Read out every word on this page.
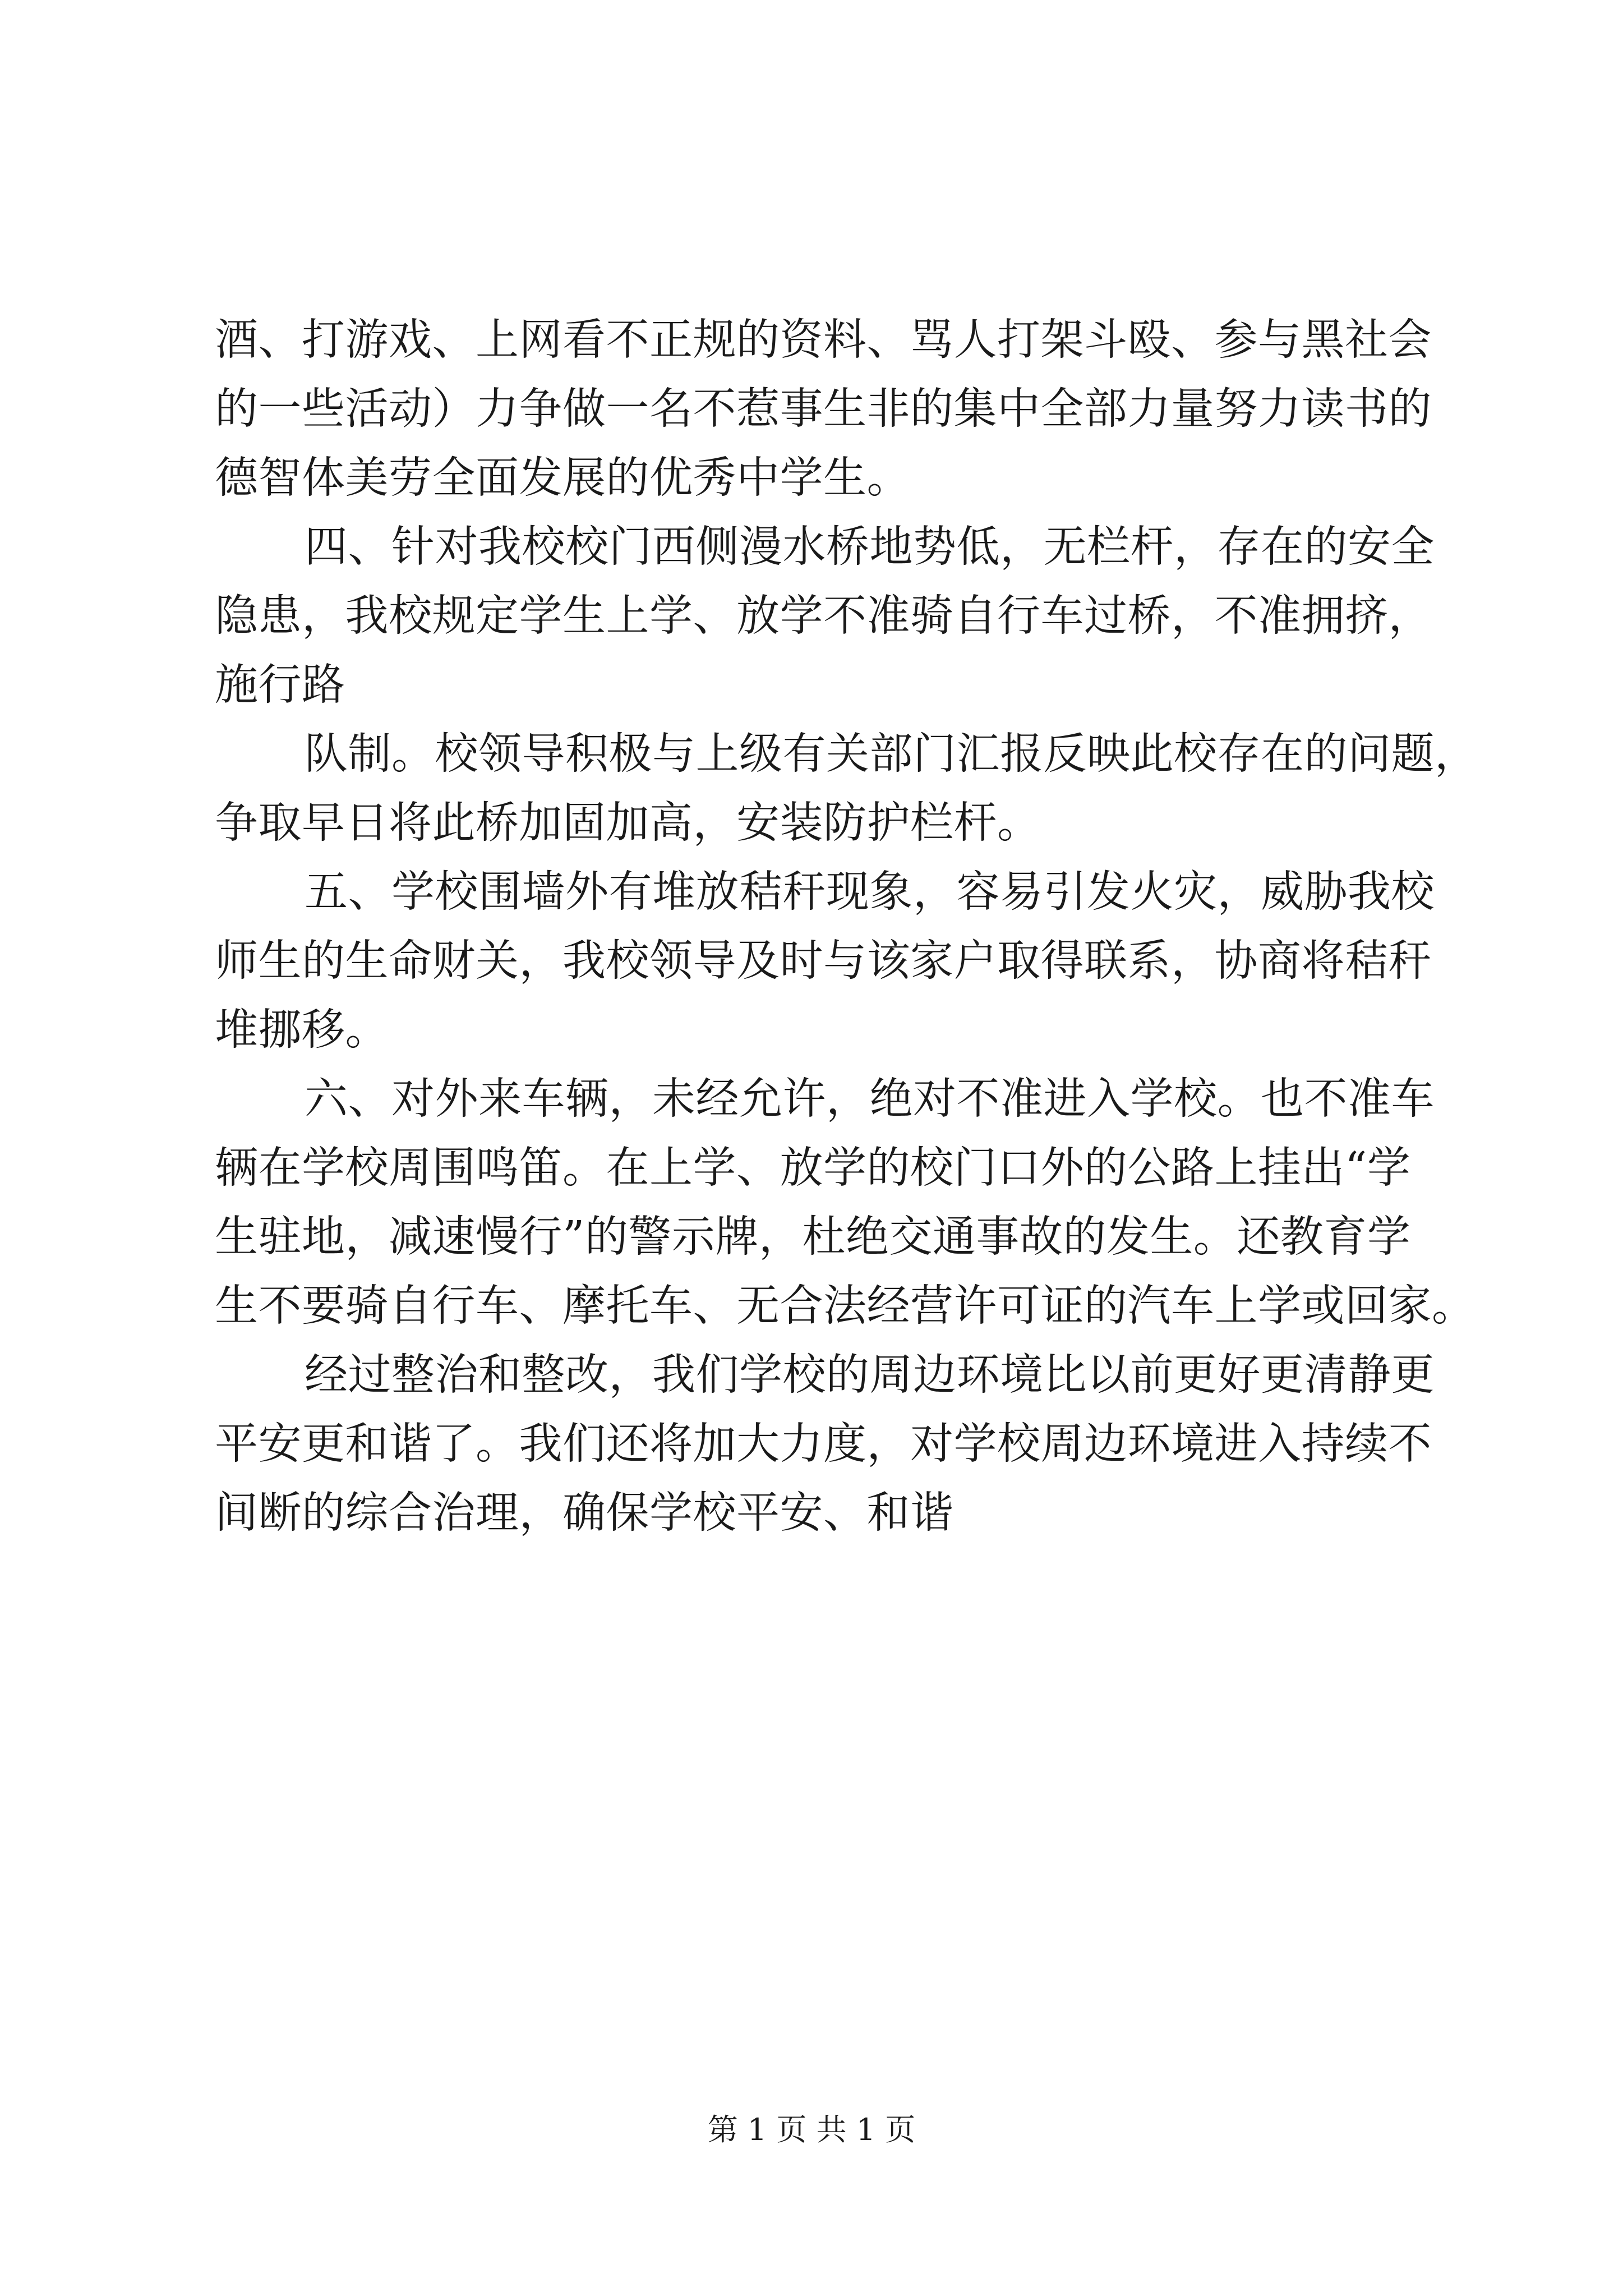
酒、打游戏、上网看不正规的资料、骂人打架斗殴、参与黑社会
的一些活动）力争做一名不惹事生非的集中全部力量努力读书的
德智体美劳全面发展的优秀中学生。
四、针对我校校门西侧漫水桥地势低，无栏杆，存在的安全
隐患，我校规定学生上学、放学不准骑自行车过桥，不准拥挤，
施行路
队制。校领导积极与上级有关部门汇报反映此校存在的问题，
争取早日将此桥加固加高，安装防护栏杆。
五、学校围墙外有堆放秸秆现象，容易引发火灾，威胁我校
师生的生命财关，我校领导及时与该家户取得联系，协商将秸秆
堆挪移。
六、对外来车辆，未经允许，绝对不准进入学校。也不准车
辆在学校周围鸣笛。在上学、放学的校门口外的公路上挂出“学
生驻地，减速慢行”的警示牌，杜绝交通事故的发生。还教育学
生不要骑自行车、摩托车、无合法经营许可证的汽车上学或回家。
经过整治和整改，我们学校的周边环境比以前更好更清静更
平安更和谐了。我们还将加大力度，对学校周边环境进入持续不
间断的综合治理，确保学校平安、和谐
第 1 页 共 1 页
